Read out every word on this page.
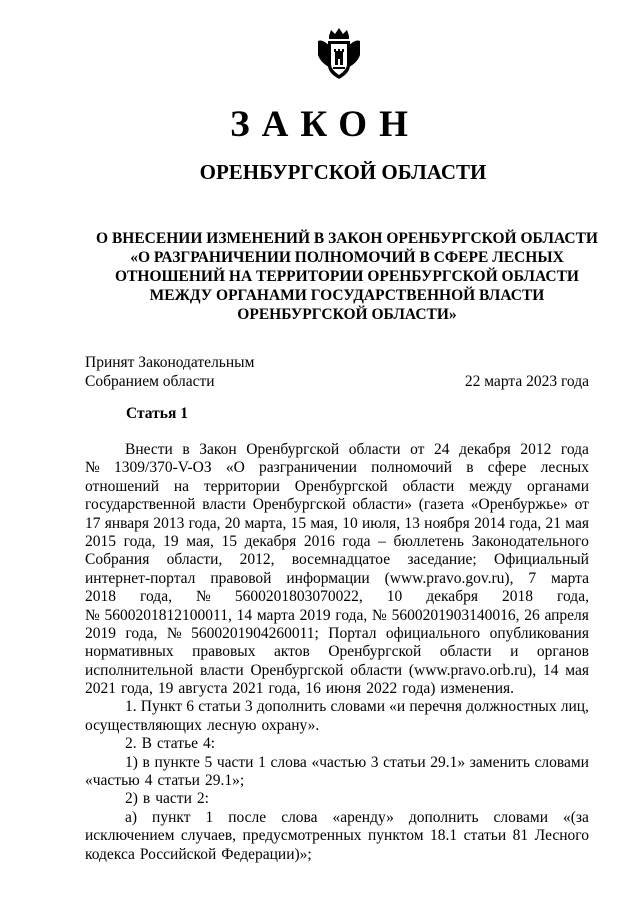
ЗАКОН
ОРЕНБУРГСКОЙ ОБЛАСТИ
О ВНЕСЕНИИ ИЗМЕНЕНИЙ В ЗАКОН ОРЕНБУРГСКОЙ ОБЛАСТИ
«О РАЗГРАНИЧЕНИИ ПОЛНОМОЧИЙ В СФЕРЕ ЛЕСНЫХ
ОТНОШЕНИЙ НА ТЕРРИТОРИИ ОРЕНБУРГСКОЙ ОБЛАСТИ
МЕЖДУ ОРГАНАМИ ГОСУДАРСТВЕННОЙ ВЛАСТИ
ОРЕНБУРГСКОЙ ОБЛАСТИ»
Принят Законодательным
Собранием области	22 марта 2023 года
Статья 1
Внести в Закон Оренбургской области от 24 декабря 2012 года
№ 1309/370-V-ОЗ «О разграничении полномочий в сфере лесных
отношений на территории Оренбургской области между органами
государственной власти Оренбургской области» (газета «Оренбуржье» от
17 января 2013 года, 20 марта, 15 мая, 10 июля, 13 ноября 2014 года, 21 мая
2015 года, 19 мая, 15 декабря 2016 года – бюллетень Законодательного
Собрания области, 2012, восемнадцатое заседание; Официальный
интернет-портал правовой информации (www.pravo.gov.ru), 7 марта
2018 года, № 5600201803070022, 10 декабря 2018 года,
№ 5600201812100011, 14 марта 2019 года, № 5600201903140016, 26 апреля
2019 года, № 5600201904260011; Портал официального опубликования
нормативных правовых актов Оренбургской области и органов
исполнительной власти Оренбургской области (www.pravo.orb.ru), 14 мая
2021 года, 19 августа 2021 года, 16 июня 2022 года) изменения.
1. Пункт 6 статьи 3 дополнить словами «и перечня должностных лиц,
осуществляющих лесную охрану».
2. В статье 4:
1) в пункте 5 части 1 слова «частью 3 статьи 29.1» заменить словами
«частью 4 статьи 29.1»;
2) в части 2:
а) пункт 1 после слова «аренду» дополнить словами «(за
исключением случаев, предусмотренных пунктом 18.1 статьи 81 Лесного
кодекса Российской Федерации)»;
